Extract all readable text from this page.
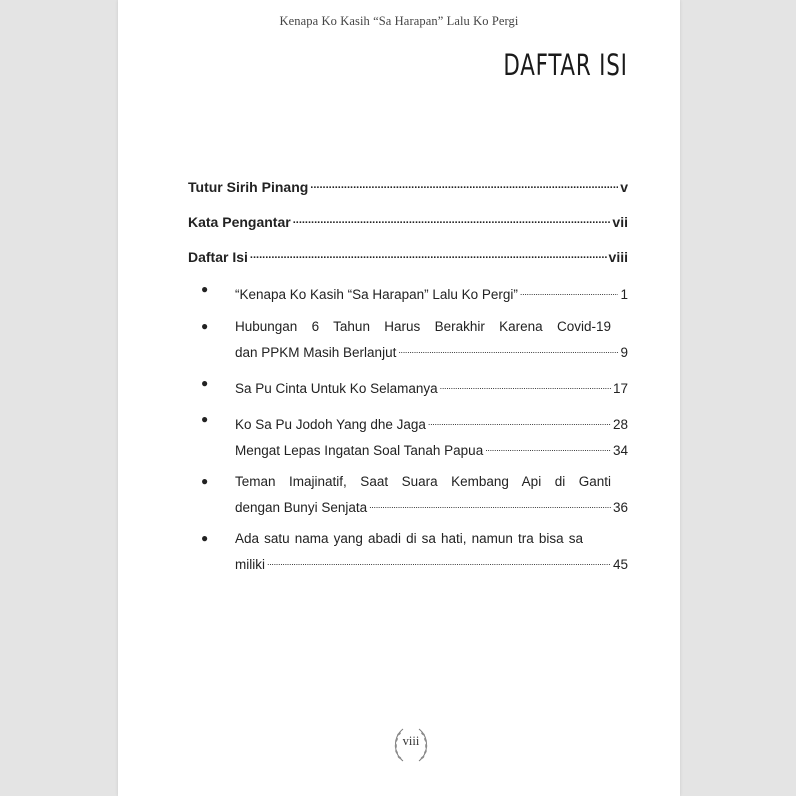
Kenapa Ko Kasih “Sa Harapan” Lalu Ko Pergi
DAFTAR ISI
Tutur Sirih Pinang .....	v
Kata Pengantar .....	vii
Daftar Isi .....	viii
● “Kenapa Ko Kasih “Sa Harapan” Lalu Ko Pergi” .....	1
● Hubungan 6 Tahun Harus Berakhir Karena Covid-19
dan PPKM Masih Berlanjut .....	9
● Sa Pu Cinta Untuk Ko Selamanya .....	17
● Ko Sa Pu Jodoh Yang dhe Jaga .....	28
Mengat Lepas Ingatan Soal Tanah Papua .....	34
● Teman Imajinatif, Saat Suara Kembang Api di Ganti
dengan Bunyi Senjata .....	36
● Ada satu nama yang abadi di sa hati, namun tra bisa sa
miliki .....	45
viii
